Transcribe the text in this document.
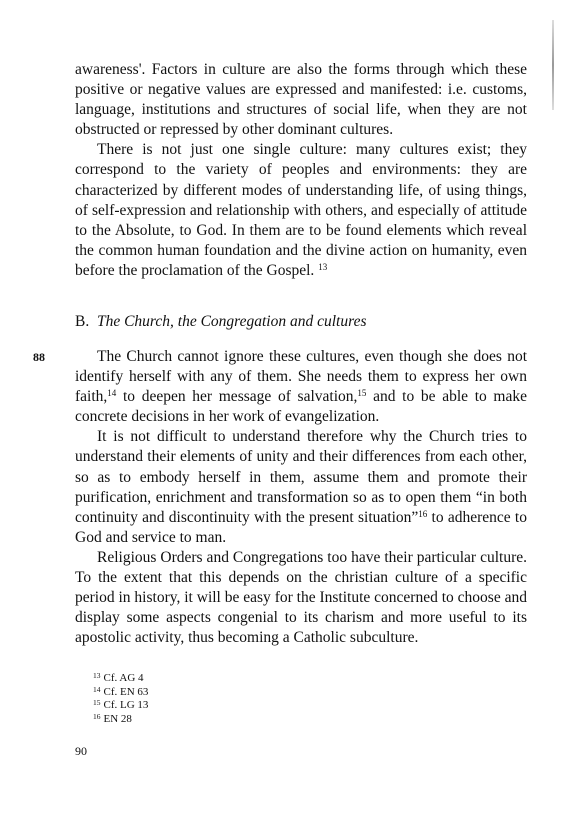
awareness'. Factors in culture are also the forms through which these positive or negative values are expressed and manifested: i.e. customs, language, institutions and structures of social life, when they are not obstructed or repressed by other dominant cultures.

There is not just one single culture: many cultures exist; they correspond to the variety of peoples and environments: they are characterized by different modes of understanding life, of using things, of self-expression and relationship with others, and especially of attitude to the Absolute, to God. In them are to be found elements which reveal the common human foundation and the divine action on humanity, even before the proclamation of the Gospel. $^{13}$

B. The Church, the Congregation and cultures
88	The Church cannot ignore these cultures, even though she does not identify herself with any of them. She needs them to express her own faith,$^{14}$ to deepen her message of salvation,$^{15}$ and to be able to make concrete decisions in her work of evangelization.

It is not difficult to understand therefore why the Church tries to understand their elements of unity and their differences from each other, so as to embody herself in them, assume them and promote their purification, enrichment and transformation so as to open them “in both continuity and discontinuity with the present situation”$^{16}$ to adherence to God and service to man.

Religious Orders and Congregations too have their particular culture. To the extent that this depends on the christian culture of a specific period in history, it will be easy for the Institute concerned to choose and display some aspects congenial to its charism and more useful to its apostolic activity, thus becoming a Catholic subculture.

$^{13}$ Cf. AG 4
$^{14}$ Cf. EN 63
$^{15}$ Cf. LG 13
$^{16}$ EN 28
90
